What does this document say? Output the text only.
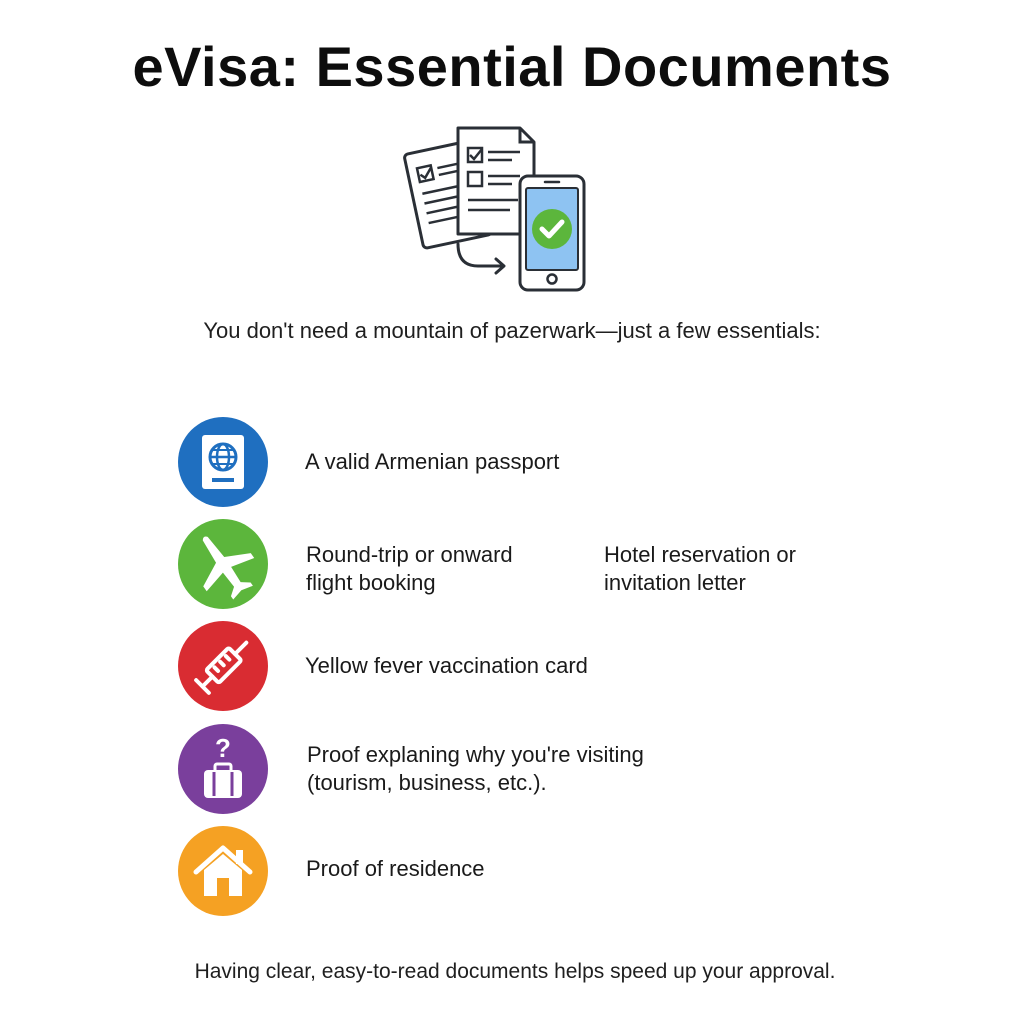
eVisa: Essential Documents
You don't need a mountain of pazerwark—just a few essentials:
A valid Armenian passport
Round-trip or onward
flight booking
Hotel reservation or
invitation letter
Yellow fever vaccination card
?	Proof explaning why you're visiting
(tourism, business, etc.).
Proof of residence
Having clear, easy-to-read documents helps speed up your approval.
